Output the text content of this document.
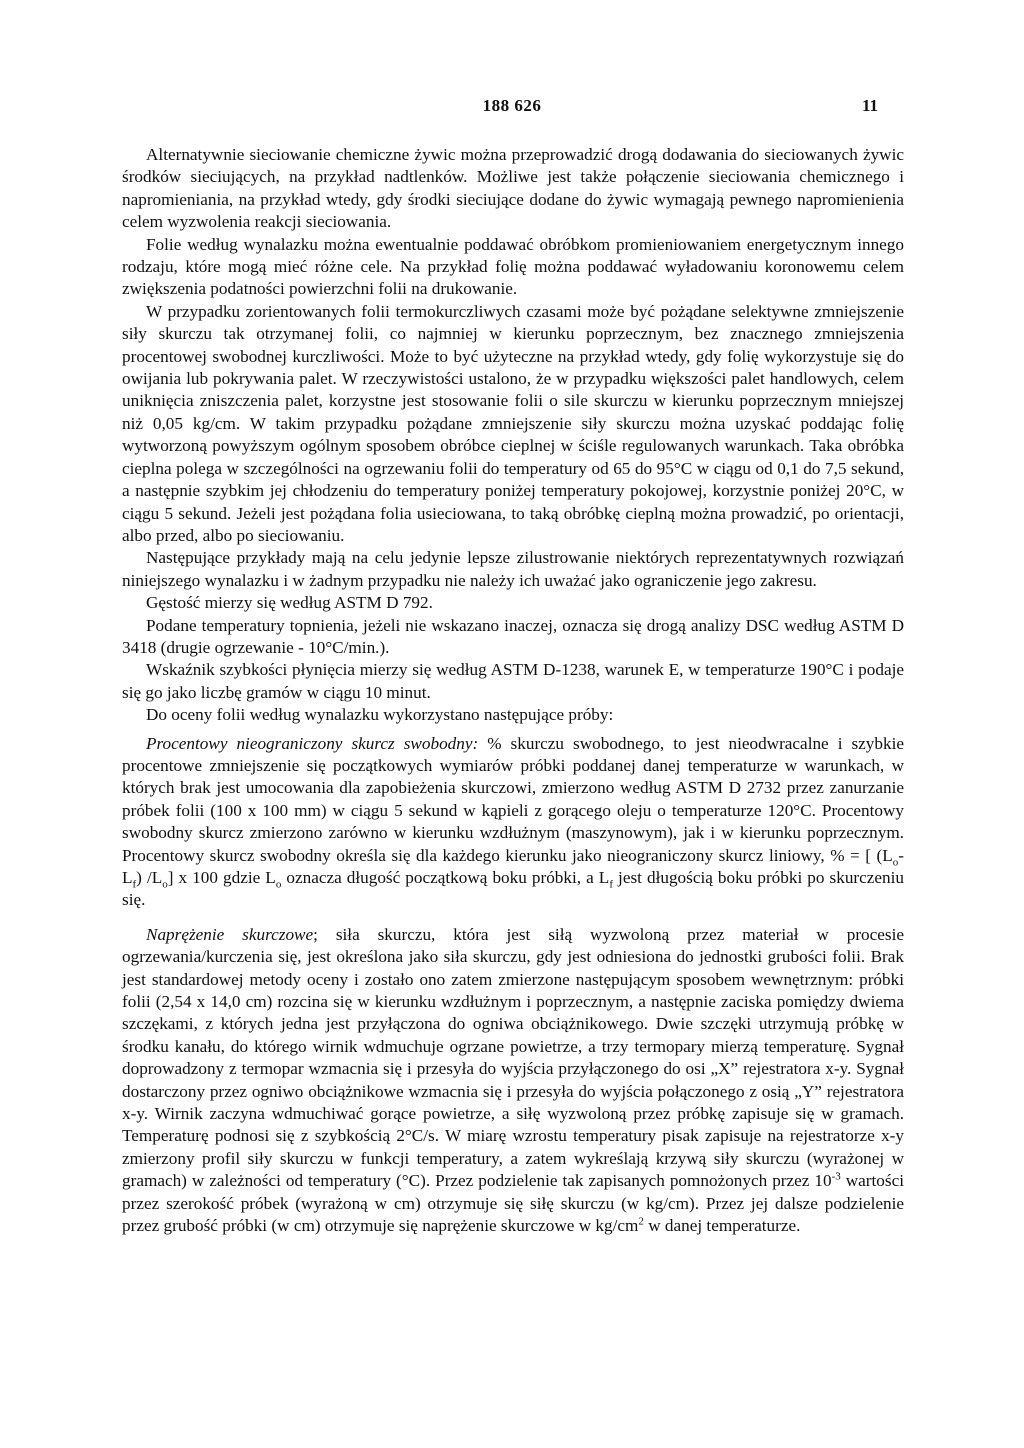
188 626	11

Alternatywnie sieciowanie chemiczne żywic można przeprowadzić drogą dodawania do sieciowanych żywic środków sieciujących, na przykład nadtlenków. Możliwe jest także połączenie sieciowania chemicznego i napromieniania, na przykład wtedy, gdy środki sieciujące dodane do żywic wymagają pewnego napromienienia celem wyzwolenia reakcji sieciowania.

Folie według wynalazku można ewentualnie poddawać obróbkom promieniowaniem energetycznym innego rodzaju, które mogą mieć różne cele. Na przykład folię można poddawać wyładowaniu koronowemu celem zwiększenia podatności powierzchni folii na drukowanie.

W przypadku zorientowanych folii termokurczliwych czasami może być pożądane selektywne zmniejszenie siły skurczu tak otrzymanej folii, co najmniej w kierunku poprzecznym, bez znacznego zmniejszenia procentowej swobodnej kurczliwości. Może to być użyteczne na przykład wtedy, gdy folię wykorzystuje się do owijania lub pokrywania palet. W rzeczywistości ustalono, że w przypadku większości palet handlowych, celem uniknięcia zniszczenia palet, korzystne jest stosowanie folii o sile skurczu w kierunku poprzecznym mniejszej niż 0,05 kg/cm. W takim przypadku pożądane zmniejszenie siły skurczu można uzyskać poddając folię wytworzoną powyższym ogólnym sposobem obróbce cieplnej w ściśle regulowanych warunkach. Taka obróbka cieplna polega w szczególności na ogrzewaniu folii do temperatury od 65 do 95°C w ciągu od 0,1 do 7,5 sekund, a następnie szybkim jej chłodzeniu do temperatury poniżej temperatury pokojowej, korzystnie poniżej 20°C, w ciągu 5 sekund. Jeżeli jest pożądana folia usieciowana, to taką obróbkę cieplną można prowadzić, po orientacji, albo przed, albo po sieciowaniu.

Następujące przykłady mają na celu jedynie lepsze zilustrowanie niektórych reprezentatywnych rozwiązań niniejszego wynalazku i w żadnym przypadku nie należy ich uważać jako ograniczenie jego zakresu.

Gęstość mierzy się według ASTM D 792.

Podane temperatury topnienia, jeżeli nie wskazano inaczej, oznacza się drogą analizy DSC według ASTM D 3418 (drugie ogrzewanie - 10°C/min.).

Wskaźnik szybkości płynięcia mierzy się według ASTM D-1238, warunek E, w temperaturze 190°C i podaje się go jako liczbę gramów w ciągu 10 minut.

Do oceny folii według wynalazku wykorzystano następujące próby:

Procentowy nieograniczony skurcz swobodny: % skurczu swobodnego, to jest nieodwracalne i szybkie procentowe zmniejszenie się początkowych wymiarów próbki poddanej danej temperaturze w warunkach, w których brak jest umocowania dla zapobieżenia skurczowi, zmierzono według ASTM D 2732 przez zanurzanie próbek folii (100 x 100 mm) w ciągu 5 sekund w kąpieli z gorącego oleju o temperaturze 120°C. Procentowy swobodny skurcz zmierzono zarówno w kierunku wzdłużnym (maszynowym), jak i w kierunku poprzecznym. Procentowy skurcz swobodny określa się dla każdego kierunku jako nieograniczony skurcz liniowy, % = [ $(L_o-L_f)$ $/L_o$] x 100 gdzie $L_o$ oznacza długość początkową boku próbki, a $L_f$ jest długością boku próbki po skurczeniu się.

Naprężenie skurczowe; siła skurczu, która jest siłą wyzwoloną przez materiał w procesie ogrzewania/kurczenia się, jest określona jako siła skurczu, gdy jest odniesiona do jednostki grubości folii. Brak jest standardowej metody oceny i zostało ono zatem zmierzone następującym sposobem wewnętrznym: próbki folii (2,54 x 14,0 cm) rozcina się w kierunku wzdłużnym i poprzecznym, a następnie zaciska pomiędzy dwiema szczękami, z których jedna jest przyłączona do ogniwa obciążnikowego. Dwie szczęki utrzymują próbkę w środku kanału, do którego wirnik wdmuchuje ogrzane powietrze, a trzy termopary mierzą temperaturę. Sygnał doprowadzony z termopar wzmacnia się i przesyła do wyjścia przyłączonego do osi „X” rejestratora x-y. Sygnał dostarczony przez ogniwo obciążnikowe wzmacnia się i przesyła do wyjścia połączonego z osią „Y” rejestratora x-y. Wirnik zaczyna wdmuchiwać gorące powietrze, a siłę wyzwoloną przez próbkę zapisuje się w gramach. Temperaturę podnosi się z szybkością 2°C/s. W miarę wzrostu temperatury pisak zapisuje na rejestratorze x-y zmierzony profil siły skurczu w funkcji temperatury, a zatem wykreślają krzywą siły skurczu (wyrażonej w gramach) w zależności od temperatury (°C). Przez podzielenie tak zapisanych pomnożonych przez $10^{-3}$ wartości przez szerokość próbek (wyrażoną w cm) otrzymuje się siłę skurczu (w kg/cm). Przez jej dalsze podzielenie przez grubość próbki (w cm) otrzymuje się naprężenie skurczowe w $kg/cm^2$ w danej temperaturze.
